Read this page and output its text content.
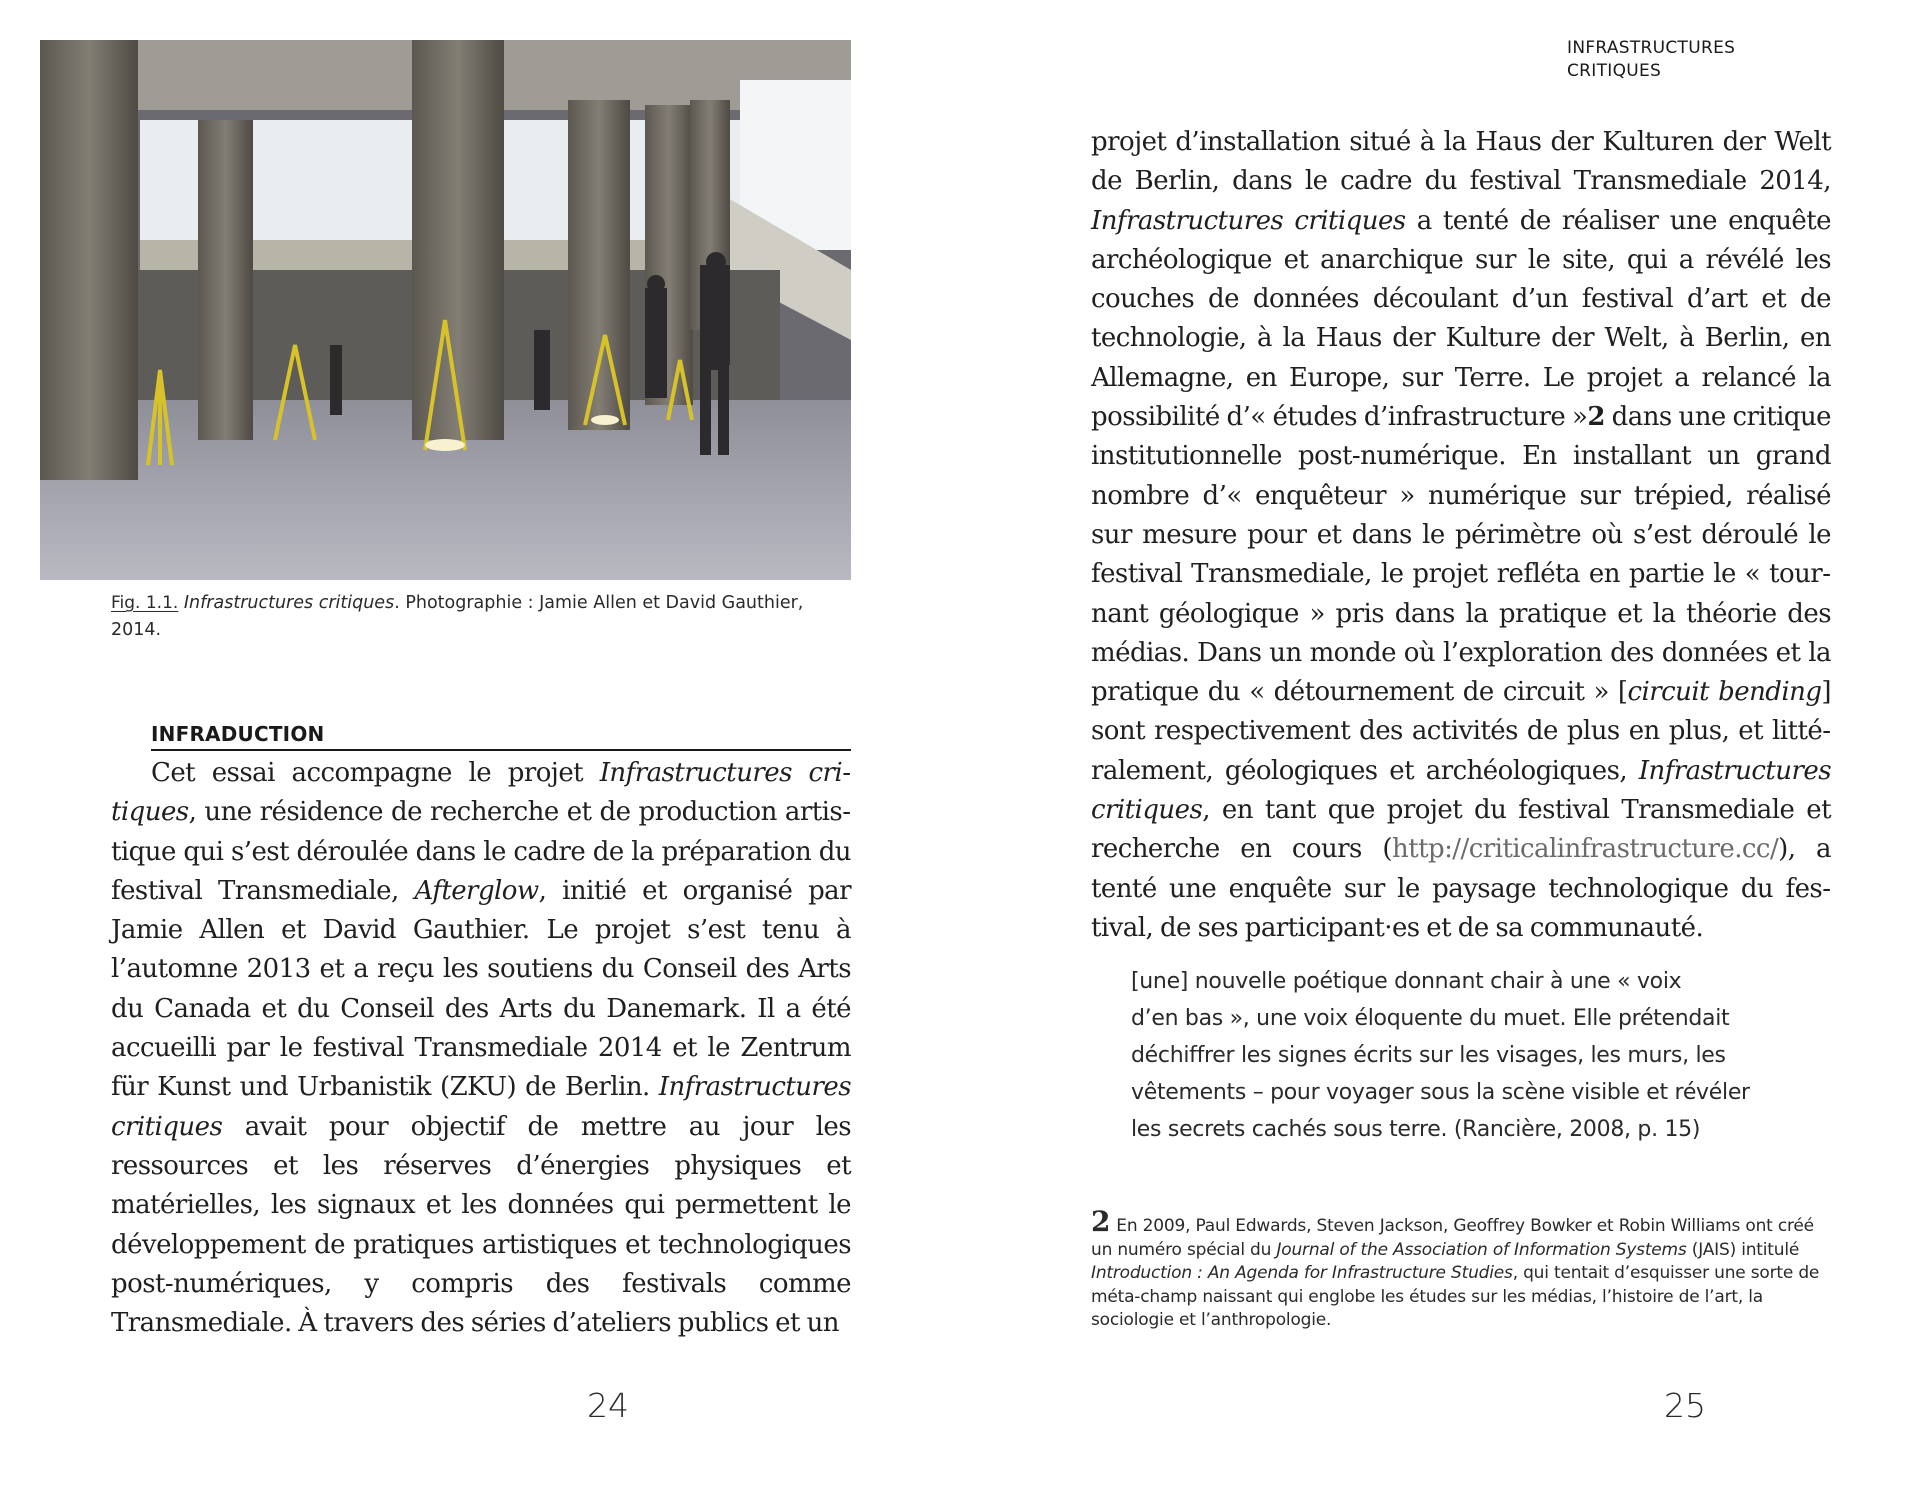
Fig. 1.1. Infrastructures critiques. Photographie : Jamie Allen et David Gauthier, 2014.
INFRADUCTION

Cet essai accompagne le projet Infrastructures critiques, une résidence de recherche et de production artistique qui s’est déroulée dans le cadre de la préparation du festival Transmediale, Afterglow, initié et organisé par Jamie Allen et David Gauthier. Le projet s’est tenu à l’automne 2013 et a reçu les soutiens du Conseil des Arts du Canada et du Conseil des Arts du Danemark. Il a été accueilli par le festival Transmediale 2014 et le Zentrum für Kunst und Urbanistik (ZKU) de Berlin. Infrastructures critiques avait pour objectif de mettre au jour les ressources et les réserves d’énergies physiques et matérielles, les signaux et les données qui permettent le développement de pratiques artistiques et technologiques post-numériques, y compris des festivals comme Transmediale. À travers des séries d’ateliers publics et un

24
INFRASTRUCTURES
CRITIQUES

projet d’installation situé à la Haus der Kulturen der Welt de Berlin, dans le cadre du festival Transmediale 2014, Infrastructures critiques a tenté de réaliser une enquête archéologique et anarchique sur le site, qui a révélé les couches de données découlant d’un festival d’art et de technologie, à la Haus der Kulture der Welt, à Berlin, en Allemagne, en Europe, sur Terre. Le projet a relancé la possibilité d’« études d’infrastructure »2 dans une critique institutionnelle post-numérique. En installant un grand nombre d’« enquêteur » numérique sur trépied, réalisé sur mesure pour et dans le périmètre où s’est déroulé le festival Transmediale, le projet refléta en partie le « tournant géologique » pris dans la pratique et la théorie des médias. Dans un monde où l’exploration des données et la pratique du « détournement de circuit » [circuit bending] sont respectivement des activités de plus en plus, et littéralement, géologiques et archéologiques, Infrastructures critiques, en tant que projet du festival Transmediale et recherche en cours (http://criticalinfrastructure.cc/), a tenté une enquête sur le paysage technologique du festival, de ses participant·es et de sa communauté.

[une] nouvelle poétique donnant chair à une « voix
d’en bas », une voix éloquente du muet. Elle prétendait
déchiffrer les signes écrits sur les visages, les murs, les
vêtements – pour voyager sous la scène visible et révéler
les secrets cachés sous terre. (Rancière, 2008, p. 15)
2 En 2009, Paul Edwards, Steven Jackson, Geoffrey Bowker et Robin Williams ont créé un numéro spécial du Journal of the Association of Information Systems (JAIS) intitulé Introduction : An Agenda for Infrastructure Studies, qui tentait d’esquisser une sorte de méta-champ naissant qui englobe les études sur les médias, l’histoire de l’art, la sociologie et l’anthropologie.
25
